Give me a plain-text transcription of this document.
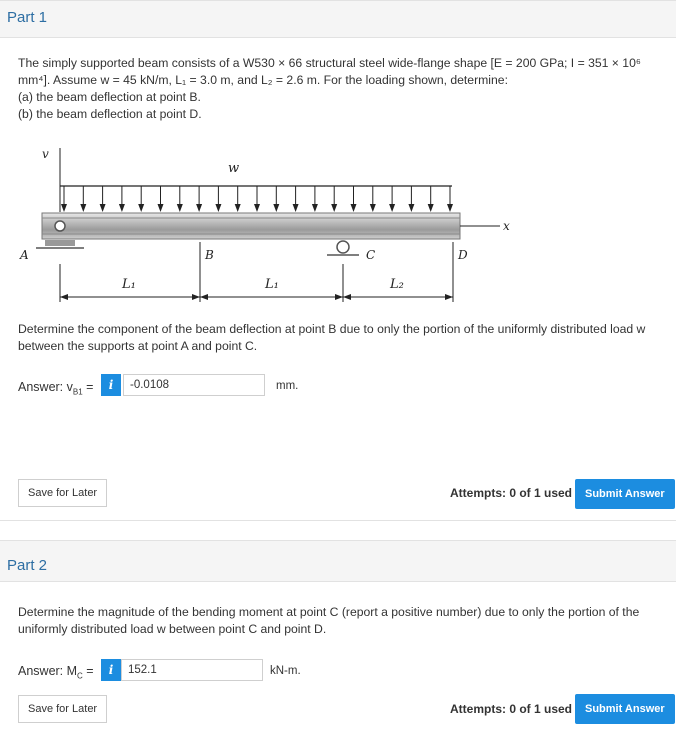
Part 1

The simply supported beam consists of a W530 × 66 structural steel wide-flange shape [E = 200 GPa; I = 351 × 10⁶

mm⁴]. Assume w = 45 kN/m, L₁ = 3.0 m, and L₂ = 2.6 m. For the loading shown, determine:

(a) the beam deflection at point B.

(b) the beam deflection at point D.

v
w
x
A	C
B	D
L₁	L₁	L₂

Determine the component of the beam deflection at point B due to only the portion of the uniformly distributed load w

between the supports at point A and point C.

Answer: $v_{B1}$ =	i
-0.0108	mm.
Save for Later	Attempts: 0 of 1 used	Submit Answer
Part 2

Determine the magnitude of the bending moment at point C (report a positive number) due to only the portion of the

uniformly distributed load w between point C and point D.

Answer: $M_C$ =	i
152.1	kN-m.
Save for Later	Attempts: 0 of 1 used	Submit Answer
